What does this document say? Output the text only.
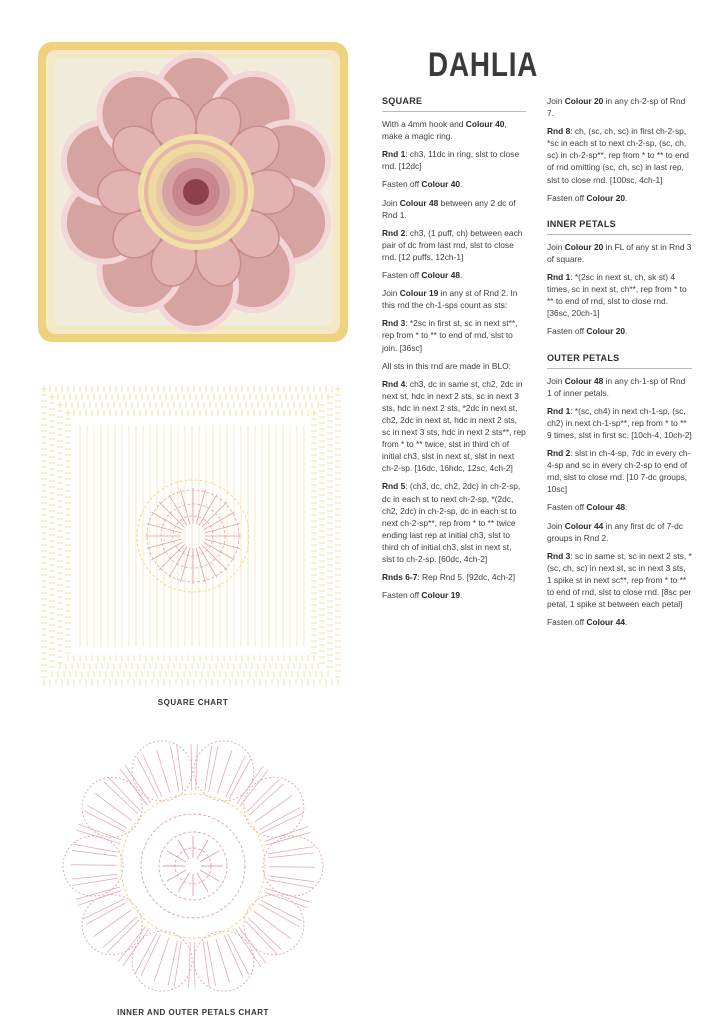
SQUARE CHART
INNER AND OUTER PETALS CHART
DAHLIA
SQUARE

With a 4mm hook and Colour 40, make a magic ring.

Rnd 1: ch3, 11dc in ring, slst to close rnd. [12dc]

Fasten off Colour 40.

Join Colour 48 between any 2 dc of Rnd 1.

Rnd 2: ch3, (1 puff, ch) between each pair of dc from last rnd, slst to close rnd. [12 puffs, 12ch-1]

Fasten off Colour 48.

Join Colour 19 in any st of Rnd 2. In this rnd the ch-1-sps count as sts:

Rnd 3: *2sc in first st, sc in next st**, rep from * to ** to end of rnd, slst to join. [36sc]

All sts in this rnd are made in BLO:

Rnd 4: ch3, dc in same st, ch2, 2dc in next st, hdc in next 2 sts, sc in next 3 sts, hdc in next 2 sts, *2dc in next st, ch2, 2dc in next st, hdc in next 2 sts, sc in next 3 sts, hdc in next 2 sts**, rep from * to ** twice, slst in third ch of initial ch3, slst in next st, slst in next ch-2-sp. [16dc, 16hdc, 12sc, 4ch-2]

Rnd 5: (ch3, dc, ch2, 2dc) in ch-2-sp, dc in each st to next ch-2-sp, *(2dc, ch2, 2dc) in ch-2-sp, dc in each st to next ch-2-sp**, rep from * to ** twice ending last rep at initial ch3, slst to third ch of initial ch3, slst in next st, slst to ch-2-sp. [60dc, 4ch-2]

Rnds 6-7: Rep Rnd 5. [92dc, 4ch-2]

Fasten off Colour 19.

Join Colour 20 in any ch-2-sp of Rnd 7.

Rnd 8: ch, (sc, ch, sc) in first ch-2-sp, *sc in each st to next ch-2-sp, (sc, ch, sc) in ch-2-sp**, rep from * to ** to end of rnd omitting (sc, ch, sc) in last rep, slst to close rnd. [100sc, 4ch-1]

Fasten off Colour 20.

INNER PETALS

Join Colour 20 in FL of any st in Rnd 3 of square.

Rnd 1: *(2sc in next st, ch, sk st) 4 times, sc in next st, ch**, rep from * to ** to end of rnd, slst to close rnd. [36sc, 20ch-1]

Fasten off Colour 20.

OUTER PETALS

Join Colour 48 in any ch-1-sp of Rnd 1 of inner petals.

Rnd 1: *(sc, ch4) in next ch-1-sp, (sc, ch2) in next ch-1-sp**, rep from * to ** 9 times, slst in first sc. [10ch-4, 10ch-2]

Rnd 2: slst in ch-4-sp, 7dc in every ch-4-sp and sc in every ch-2-sp to end of rnd, slst to close rnd. [10 7-dc groups, 10sc]

Fasten off Colour 48.

Join Colour 44 in any first dc of 7-dc groups in Rnd 2.

Rnd 3: sc in same st, sc in next 2 sts, *(sc, ch, sc) in next st, sc in next 3 sts, 1 spike st in next sc**, rep from * to ** to end of rnd, slst to close rnd. [8sc per petal, 1 spike st between each petal]

Fasten off Colour 44.
